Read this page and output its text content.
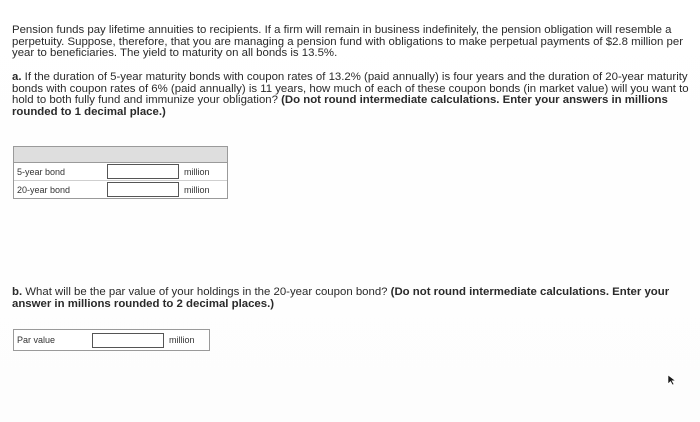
Pension funds pay lifetime annuities to recipients. If a firm will remain in business indefinitely, the pension obligation will resemble a perpetuity. Suppose, therefore, that you are managing a pension fund with obligations to make perpetual payments of $2.8 million per year to beneficiaries. The yield to maturity on all bonds is 13.5%.

a. If the duration of 5-year maturity bonds with coupon rates of 13.2% (paid annually) is four years and the duration of 20-year maturity bonds with coupon rates of 6% (paid annually) is 11 years, how much of each of these coupon bonds (in market value) will you want to hold to both fully fund and immunize your obligation? (Do not round intermediate calculations. Enter your answers in millions rounded to 1 decimal place.)

5-year bond	million
20-year bond	million

b. What will be the par value of your holdings in the 20-year coupon bond? (Do not round intermediate calculations. Enter your answer in millions rounded to 2 decimal places.)

Par value	million
